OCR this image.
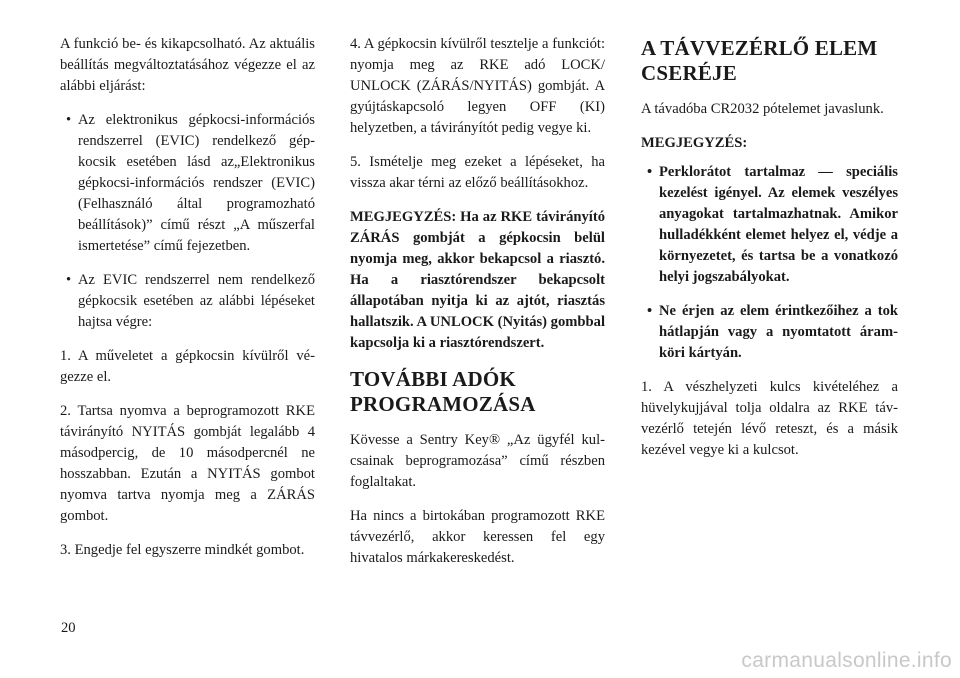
A funkció be- és kikapcsolható. Az aktuális beállítás megváltoztatásához végezze el az alábbi eljárást:

• Az elektronikus gépkocsi-információs rendszerrel (EVIC) rendelkező gépkocsik esetében lásd az„Elektronikus gépkocsi-információs rendszer (EVIC) (Felhasználó által programozható beállítások)” című részt „A műszerfal ismertetése” című fejezetben.
• Az EVIC rendszerrel nem rendelkező gépkocsik esetében az alábbi lépéseket hajtsa végre:

1. A műveletet a gépkocsin kívülről végezze el.

2. Tartsa nyomva a beprogramozott RKE távirányító NYITÁS gombját legalább 4 másodpercig, de 10 másodpercnél ne hosszabban. Ezután a NYITÁS gombot nyomva tartva nyomja meg a ZÁRÁS gombot.

3. Engedje fel egyszerre mindkét gombot.

4. A gépkocsin kívülről tesztelje a funkciót: nyomja meg az RKE adó LOCK/ UNLOCK (ZÁRÁS/NYITÁS) gombját. A gyújtáskapcsoló legyen OFF (KI) helyzetben, a távirányítót pedig vegye ki.

5. Ismételje meg ezeket a lépéseket, ha vissza akar térni az előző beállításokhoz.

MEGJEGYZÉS: Ha az RKE távirányító ZÁRÁS gombját a gépkocsin belül nyomja meg, akkor bekapcsol a riasztó. Ha a riasztórendszer bekapcsolt állapotában nyitja ki az ajtót, riasztás hallatszik. A UNLOCK (Nyitás) gombbal kapcsolja ki a riasztórendszert.

TOVÁBBI ADÓK PROGRAMOZÁSA

Kövesse a Sentry Key® „Az ügyfél kulcsainak beprogramozása” című részben foglaltakat.

Ha nincs a birtokában programozott RKE távvezérlő, akkor keressen fel egy hivatalos márkakereskedést.

A TÁVVEZÉRLŐ ELEM CSERÉJE

A távadóba CR2032 pótelemet javaslunk.

MEGJEGYZÉS:
• Perklorátot tartalmaz — speciális kezelést igényel. Az elemek veszélyes anyagokat tartalmazhatnak. Amikor hulladékként elemet helyez el, védje a környezetet, és tartsa be a vonatkozó helyi jogszabályokat.
• Ne érjen az elem érintkezőihez a tok hátlapján vagy a nyomtatott áramköri kártyán.

1. A vészhelyzeti kulcs kivételéhez a hüvelykujjával tolja oldalra az RKE távvezérlő tetején lévő reteszt, és a másik kezével vegye ki a kulcsot.

20
carmanualsonline.info
